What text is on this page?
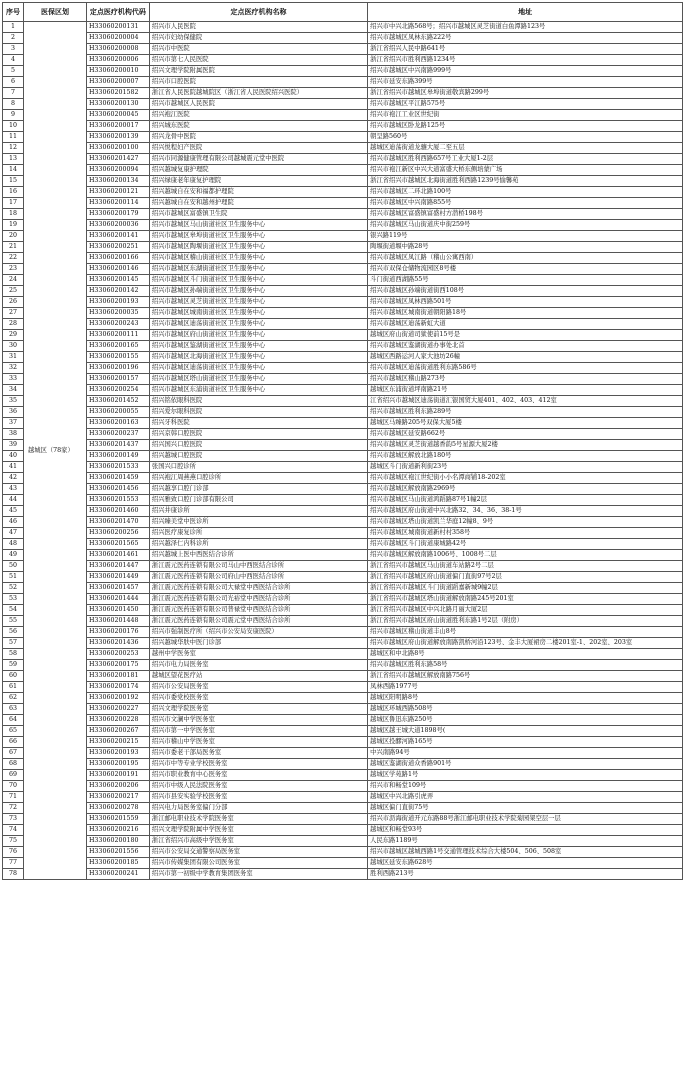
序号	医保区划	定点医疗机构代码	定点医疗机构名称	地址
1	越城区（78家）	H33060200131	绍兴市人民医院	绍兴市中兴北路568号；绍兴市越城区灵芝街道白鱼潭路123号
2		H33060200004	绍兴市妇幼保健院	绍兴市越城区凤林东路222号
3		H33060200008	绍兴市中医院	浙江省绍兴人民中路641号
4		H33060200006	绍兴市第七人民医院	浙江省绍兴市胜利西路1234号
5		H33060200010	绍兴文理学院附属医院	绍兴市越城区中兴南路999号
6		H33060200007	绍兴市口腔医院	绍兴市延安东路399号
7		H33060201582	浙江省人民医院越城院区（浙江省人民医院绍兴医院）	浙江省绍兴市越城区皋埠街道敬宾路299号
8		H33060200130	绍兴市越城区人民医院	绍兴市越城区平江路575号
9		H33060200045	绍兴袍江医院	绍兴市袍江工业区世纪街
10		H33060200017	绍兴城东医院	绍兴市越城区卧龙路125号
11		H33060200139	绍兴龙骨中医院	朝呈路560号
12		H33060200100	绍兴悦程妇产医院	越城区迪荡街道龙骧大厦二至五层
13		H33060201427	绍兴市同源健康管理有限公司越城震元堂中医院	绍兴市越城区胜利西路657号工业大厦1-2层
14		H33060200094	绍兴越城复康护理院	绍兴市袍江新区中兴大道富盛大桥东侧培蒙广场
15		H33060200134	绍兴绿康老年康复护理院	浙江省绍兴市越城区北海街道胜利西路1239号愉馨苑
16		H33060200121	绍兴越城自在安和福都护理院	绍兴市越城区二环北路100号
17		H33060200114	绍兴越城自在安和越州护理院	绍兴市越城区中兴南路855号
18		H33060200179	绍兴市越城区富盛镇卫生院	绍兴市越城区富盛镇富盛村方潜桥198号
19		H33060200036	绍兴市越城区马山街道社区卫生服务中心	绍兴市越城区马山街道庆中街259号
20		H33060200141	绍兴市越城区皋埠街道社区卫生服务中心	银兴路119号
21		H33060200251	绍兴市越城区陶堰街道社区卫生服务中心	陶堰街道堰中路28号
22		H33060200166	绍兴市越城区稽山街道社区卫生服务中心	绍兴市越城区凤江路（稽山公寓西南）
23		H33060200146	绍兴市越城区东湖街道社区卫生服务中心	绍兴市双保仓储物流园区8号楼
24		H33060200145	绍兴市越城区斗门街道社区卫生服务中心	斗门街道西湖路55号
25		H33060200142	绍兴市越城区孙端街道社区卫生服务中心	绍兴市越城区孙端街道街西108号
26		H33060200193	绍兴市越城区灵芝街道社区卫生服务中心	绍兴市越城区凤林西路501号
27		H33060200035	绍兴市越城区城南街道社区卫生服务中心	绍兴市越城区城南街道朝阳路18号
28		H33060200243	绍兴市越城区迪荡街道社区卫生服务中心	绍兴市越城区迪荡新虹大道
29		H33060200111	绍兴市越城区府山街道社区卫生服务中心	越城区府山街道司狱使前15号是
30		H33060200165	绍兴市越城区鉴湖街道社区卫生服务中心	绍兴市越城区鉴湖街道办事处北首
31		H33060200155	绍兴市越城区北海街道社区卫生服务中心	越城区西路运河人家大池坊26幢
32		H33060200196	绍兴市越城区迪荡街道社区卫生服务中心	绍兴市越城区迪荡街道胜利东路586号
33		H33060200157	绍兴市越城区塔山街道社区卫生服务中心	绍兴市越城区稽山路273号
34		H33060200254	绍兴市越城区东浦街道社区卫生服务中心	越城区东浦街道坪南路21号
35		H33060201452	绍兴铭依眼科医院	江省绍兴市越城区迪荡街道汇银国贸大厦401、402、403、412室
36		H33060200055	绍兴爱尔眼科医院	绍兴市越城区胜利东路289号
37		H33060200163	绍兴牙科医院	越城区马臻路205号双保大厦5楼
38		H33060200237	绍兴京韩口腔医院	绍兴市越城区延安路662号
39		H33060201437	绍兴国兴口腔医院	绍兴市越城区灵芝街道越香韵5号星源大厦2楼
40		H33060200149	绍兴越城口腔医院	绍兴市越城区解放北路180号
41		H33060201533	张国兴口腔诊所	越城区斗门街道新利街23号
42		H33060201459	绍兴袍江周燕燕口腔诊所	绍兴市越城区袍江世纪街小小名潭商铺18-202室
43		H33060201456	绍兴越享口腔门诊部	绍兴市越城区解放南路2969号
44		H33060201553	绍兴雅致口腔门诊部有限公司	绍兴市越城区马山街道鸿蹈路87号1幢2层
45		H33060201460	绍兴井康诊所	绍兴市越城区府山街道中兴北路32、34、36、38-1号
46		H33060201470	绍兴臻美堂中医诊所	绍兴市越城区塔山街道凯兰华庭12幢8、9号
47		H33060200256	绍兴医疗康复诊所	绍兴市越城区城南街道新村村358号
48		H33060201565	绍兴越泽仁内科诊所	绍兴市越城区斗门街道康城路42号
49		H33060201461	绍兴越城上医中西医结合诊所	绍兴市越城区解放南路1006号、1008号二层
50		H33060201447	浙江震元医药连锁有限公司马山中西医结合诊所	浙江省绍兴市越城区马山街道车站路2号二层
51		H33060201449	浙江震元医药连锁有限公司府山中西医结合诊所	浙江省绍兴市越城区府山街道偏门直街97号2层
52		H33060201457	浙江震元医药连锁有限公司大禄堂中西医结合诊所	浙江省绍兴市越城区斗门街道蹈嘉新城9幢2层
53		H33060201444	浙江震元医药连锁有限公司光裕堂中西医结合诊所	浙江省绍兴市越城区塔山街道解放南路245号201室
54		H33060201450	浙江震元医药连锁有限公司普禄堂中西医结合诊所	浙江省绍兴市越城区中兴北路月丽大厦2层
55		H33060201448	浙江震元医药连锁有限公司震元堂中西医结合诊所	浙江省绍兴市越城区府山街道胜利东路1号2层（附房）
56		H33060200176	绍兴市强制医疗所（绍兴市公安局安康医院）	绍兴市越城区稽山街道丰山8号
57		H33060201436	绍兴越城华肤中医门诊部	绍兴市越城区府山街道解放南路凯桥河沿123号、金丰大厦裙房二楼201室-1、202室、203室
58		H33060200253	越州中学医务室	越城区和中北路8号
59		H33060200175	绍兴市电力局医务室	绍兴市越城区胜利东路58号
60		H33060200181	越城区望花医疗站	浙江省绍兴市越城区解放南路756号
61		H33060200174	绍兴市公安局医务室	凤林西路1977号
62		H33060200192	绍兴市委党校医务室	越城区阳明路8号
63		H33060200227	绍兴文理学院医务室	越城区环城西路508号
64		H33060200228	绍兴市文澜中学医务室	越城区鲁迅东路250号
65		H33060200267	绍兴市第一中学医务室	越城区越王城大道1898号(
66		H33060200215	绍兴市稽山中学医务室	越城区投醪河路165号
67		H33060200193	绍兴市委老干部局医务室	中兴南路94号
68		H33060200195	绍兴市中等专业学校医务室	越城区鉴湖街道众香路901号
69		H33060200191	绍兴市职业教育中心医务室	越城区学苑路1号
70		H33060200206	绍兴市中级人民法院医务室	绍兴市和畅堂109号
71		H33060200217	绍兴市县安实验学校医务室	越城区中兴北路引虎弄
72		H33060200278	绍兴电力局医务室偏门分部	越城区偏门直街75号
73		H33060201559	浙江邮电职业技术学院医务室	绍兴市沥海街道开元东路88号浙江邮电职业技术学院菊园架空层一层
74		H33060200216	绍兴文理学院附属中学医务室	越城区和畅堂93号
75		H33060200180	浙江省绍兴市高级中学医务室	人民东路1189号
76		H33060201556	绍兴市公安局交通警察局医务室	绍兴市越城区越城西路1号交通管理技术综合大楼504、506、508室
77		H33060200185	绍兴市传媒集团有限公司医务室	越城区延安东路628号
78		H33060200241	绍兴市第一初级中学教育集团医务室	胜利西路213号
